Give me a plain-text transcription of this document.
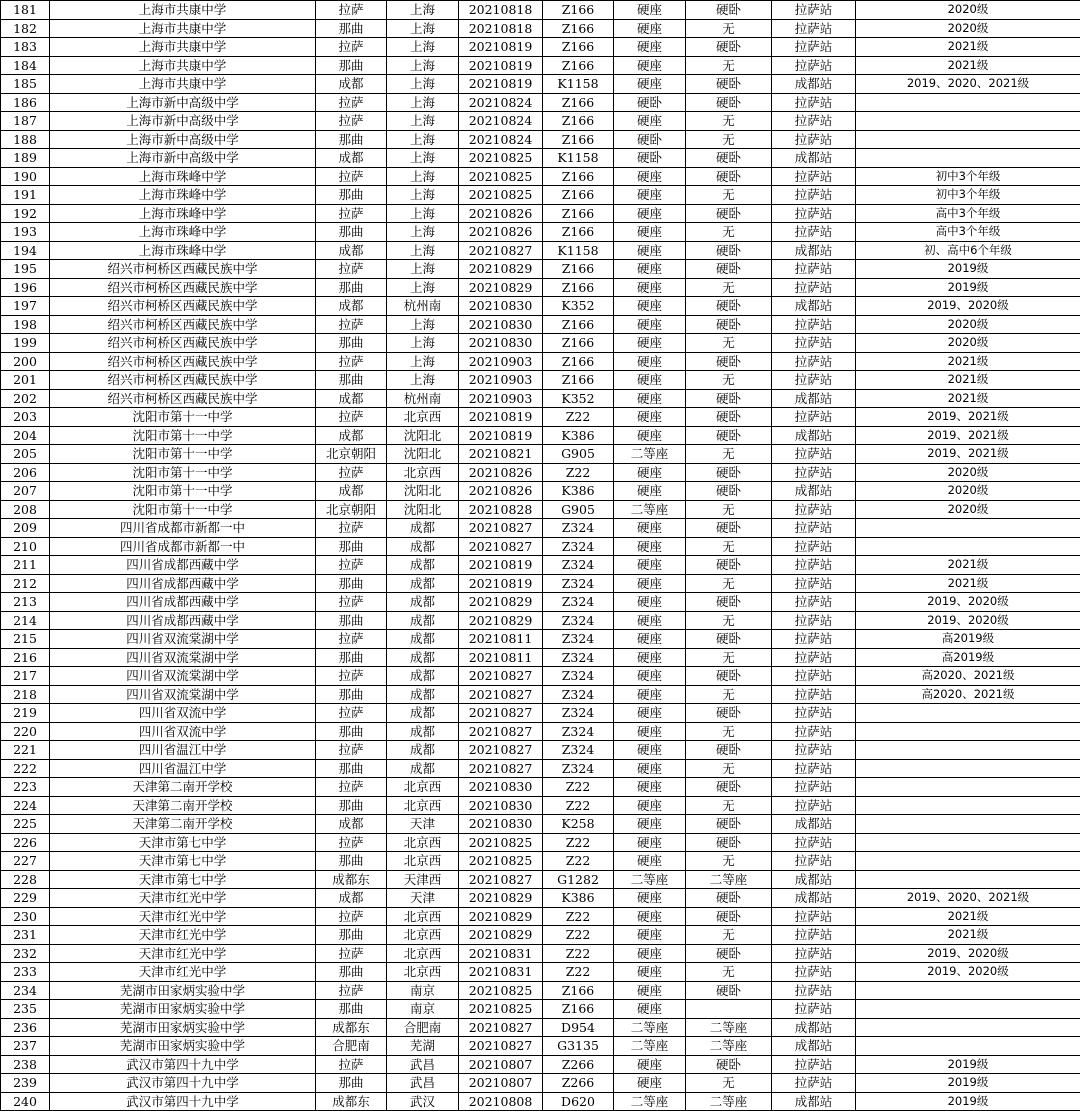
181	上海市共康中学	拉萨	上海	20210818	Z166	硬座	硬卧	拉萨站	2020级
182	上海市共康中学	那曲	上海	20210818	Z166	硬座	无	拉萨站	2020级
183	上海市共康中学	拉萨	上海	20210819	Z166	硬座	硬卧	拉萨站	2021级
184	上海市共康中学	那曲	上海	20210819	Z166	硬座	无	拉萨站	2021级
185	上海市共康中学	成都	上海	20210819	K1158	硬座	硬卧	成都站	2019、2020、2021级
186	上海市新中高级中学	拉萨	上海	20210824	Z166	硬卧	硬卧	拉萨站	
187	上海市新中高级中学	拉萨	上海	20210824	Z166	硬座	无	拉萨站	
188	上海市新中高级中学	那曲	上海	20210824	Z166	硬卧	无	拉萨站	
189	上海市新中高级中学	成都	上海	20210825	K1158	硬卧	硬卧	成都站	
190	上海市珠峰中学	拉萨	上海	20210825	Z166	硬座	硬卧	拉萨站	初中3个年级
191	上海市珠峰中学	那曲	上海	20210825	Z166	硬座	无	拉萨站	初中3个年级
192	上海市珠峰中学	拉萨	上海	20210826	Z166	硬座	硬卧	拉萨站	高中3个年级
193	上海市珠峰中学	那曲	上海	20210826	Z166	硬座	无	拉萨站	高中3个年级
194	上海市珠峰中学	成都	上海	20210827	K1158	硬座	硬卧	成都站	初、高中6个年级
195	绍兴市柯桥区西藏民族中学	拉萨	上海	20210829	Z166	硬座	硬卧	拉萨站	2019级
196	绍兴市柯桥区西藏民族中学	那曲	上海	20210829	Z166	硬座	无	拉萨站	2019级
197	绍兴市柯桥区西藏民族中学	成都	杭州南	20210830	K352	硬座	硬卧	成都站	2019、2020级
198	绍兴市柯桥区西藏民族中学	拉萨	上海	20210830	Z166	硬座	硬卧	拉萨站	2020级
199	绍兴市柯桥区西藏民族中学	那曲	上海	20210830	Z166	硬座	无	拉萨站	2020级
200	绍兴市柯桥区西藏民族中学	拉萨	上海	20210903	Z166	硬座	硬卧	拉萨站	2021级
201	绍兴市柯桥区西藏民族中学	那曲	上海	20210903	Z166	硬座	无	拉萨站	2021级
202	绍兴市柯桥区西藏民族中学	成都	杭州南	20210903	K352	硬座	硬卧	成都站	2021级
203	沈阳市第十一中学	拉萨	北京西	20210819	Z22	硬座	硬卧	拉萨站	2019、2021级
204	沈阳市第十一中学	成都	沈阳北	20210819	K386	硬座	硬卧	成都站	2019、2021级
205	沈阳市第十一中学	北京朝阳	沈阳北	20210821	G905	二等座	无	拉萨站	2019、2021级
206	沈阳市第十一中学	拉萨	北京西	20210826	Z22	硬座	硬卧	拉萨站	2020级
207	沈阳市第十一中学	成都	沈阳北	20210826	K386	硬座	硬卧	成都站	2020级
208	沈阳市第十一中学	北京朝阳	沈阳北	20210828	G905	二等座	无	拉萨站	2020级
209	四川省成都市新都一中	拉萨	成都	20210827	Z324	硬座	硬卧	拉萨站	
210	四川省成都市新都一中	那曲	成都	20210827	Z324	硬座	无	拉萨站	
211	四川省成都西藏中学	拉萨	成都	20210819	Z324	硬座	硬卧	拉萨站	2021级
212	四川省成都西藏中学	那曲	成都	20210819	Z324	硬座	无	拉萨站	2021级
213	四川省成都西藏中学	拉萨	成都	20210829	Z324	硬座	硬卧	拉萨站	2019、2020级
214	四川省成都西藏中学	那曲	成都	20210829	Z324	硬座	无	拉萨站	2019、2020级
215	四川省双流棠湖中学	拉萨	成都	20210811	Z324	硬座	硬卧	拉萨站	高2019级
216	四川省双流棠湖中学	那曲	成都	20210811	Z324	硬座	无	拉萨站	高2019级
217	四川省双流棠湖中学	拉萨	成都	20210827	Z324	硬座	硬卧	拉萨站	高2020、2021级
218	四川省双流棠湖中学	那曲	成都	20210827	Z324	硬座	无	拉萨站	高2020、2021级
219	四川省双流中学	拉萨	成都	20210827	Z324	硬座	硬卧	拉萨站	
220	四川省双流中学	那曲	成都	20210827	Z324	硬座	无	拉萨站	
221	四川省温江中学	拉萨	成都	20210827	Z324	硬座	硬卧	拉萨站	
222	四川省温江中学	那曲	成都	20210827	Z324	硬座	无	拉萨站	
223	天津第二南开学校	拉萨	北京西	20210830	Z22	硬座	硬卧	拉萨站	
224	天津第二南开学校	那曲	北京西	20210830	Z22	硬座	无	拉萨站	
225	天津第二南开学校	成都	天津	20210830	K258	硬座	硬卧	成都站	
226	天津市第七中学	拉萨	北京西	20210825	Z22	硬座	硬卧	拉萨站	
227	天津市第七中学	那曲	北京西	20210825	Z22	硬座	无	拉萨站	
228	天津市第七中学	成都东	天津西	20210827	G1282	二等座	二等座	成都站	
229	天津市红光中学	成都	天津	20210829	K386	硬座	硬卧	成都站	2019、2020、2021级
230	天津市红光中学	拉萨	北京西	20210829	Z22	硬座	硬卧	拉萨站	2021级
231	天津市红光中学	那曲	北京西	20210829	Z22	硬座	无	拉萨站	2021级
232	天津市红光中学	拉萨	北京西	20210831	Z22	硬座	硬卧	拉萨站	2019、2020级
233	天津市红光中学	那曲	北京西	20210831	Z22	硬座	无	拉萨站	2019、2020级
234	芜湖市田家炳实验中学	拉萨	南京	20210825	Z166	硬座	硬卧	拉萨站	
235	芜湖市田家炳实验中学	那曲	南京	20210825	Z166	硬座		拉萨站	
236	芜湖市田家炳实验中学	成都东	合肥南	20210827	D954	二等座	二等座	成都站	
237	芜湖市田家炳实验中学	合肥南	芜湖	20210827	G3135	二等座	二等座	成都站	
238	武汉市第四十九中学	拉萨	武昌	20210807	Z266	硬座	硬卧	拉萨站	2019级
239	武汉市第四十九中学	那曲	武昌	20210807	Z266	硬座	无	拉萨站	2019级
240	武汉市第四十九中学	成都东	武汉	20210808	D620	二等座	二等座	成都站	2019级
